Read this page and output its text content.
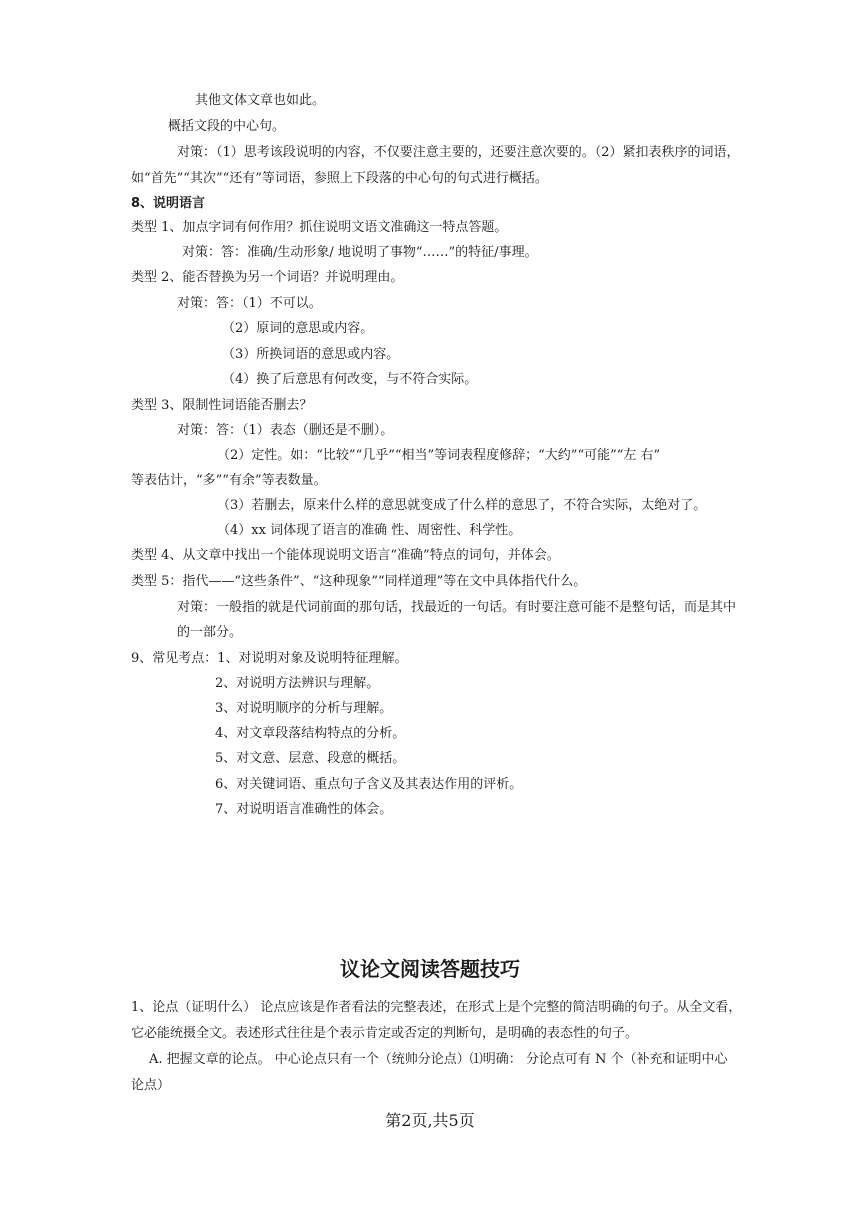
其他文体文章也如此。
概括文段的中心句。
对策：（1）思考该段说明的内容，不仅要注意主要的，还要注意次要的。（2）紧扣表秩序的词语，
如“首先”“其次”“还有”等词语，参照上下段落的中心句的句式进行概括。
8、说明语言
类型 1、加点字词有何作用？抓住说明文语文准确这一特点答题。
对策：答：准确/生动形象/ 地说明了事物“……”的特征/事理。
类型 2、能否替换为另一个词语？并说明理由。
对策：答：（1）不可以。
（2）原词的意思或内容。
（3）所换词语的意思或内容。
（4）换了后意思有何改变，与不符合实际。
类型 3、限制性词语能否删去？
对策：答：（1）表态（删还是不删）。
（2）定性。如：“比较”“几乎”“相当”等词表程度修辞；“大约”“可能”“左 右”
等表估计，“多”“有余”等表数量。
（3）若删去，原来什么样的意思就变成了什么样的意思了，不符合实际，太绝对了。
（4）xx 词体现了语言的准确 性、周密性、科学性。
类型 4、从文章中找出一个能体现说明文语言“准确”特点的词句，并体会。
类型 5：指代——“这些条件”、“这种现象”“同样道理”等在文中具体指代什么。
对策：一般指的就是代词前面的那句话，找最近的一句话。有时要注意可能不是整句话，而是其中
的一部分。
9、常见考点：1、对说明对象及说明特征理解。
2、对说明方法辨识与理解。
3、对说明顺序的分析与理解。
4、对文章段落结构特点的分析。
5、对文意、层意、段意的概括。
6、对关键词语、重点句子含义及其表达作用的评析。
7、对说明语言准确性的体会。
议论文阅读答题技巧
1、论点（证明什么） 论点应该是作者看法的完整表述，在形式上是个完整的简洁明确的句子。从全文看，
它必能统摄全文。表述形式往往是个表示肯定或否定的判断句，是明确的表态性的句子。
A. 把握文章的论点。 中心论点只有一个（统帅分论点）⑴明确： 分论点可有 N 个（补充和证明中心
论点）
第2页,共5页
